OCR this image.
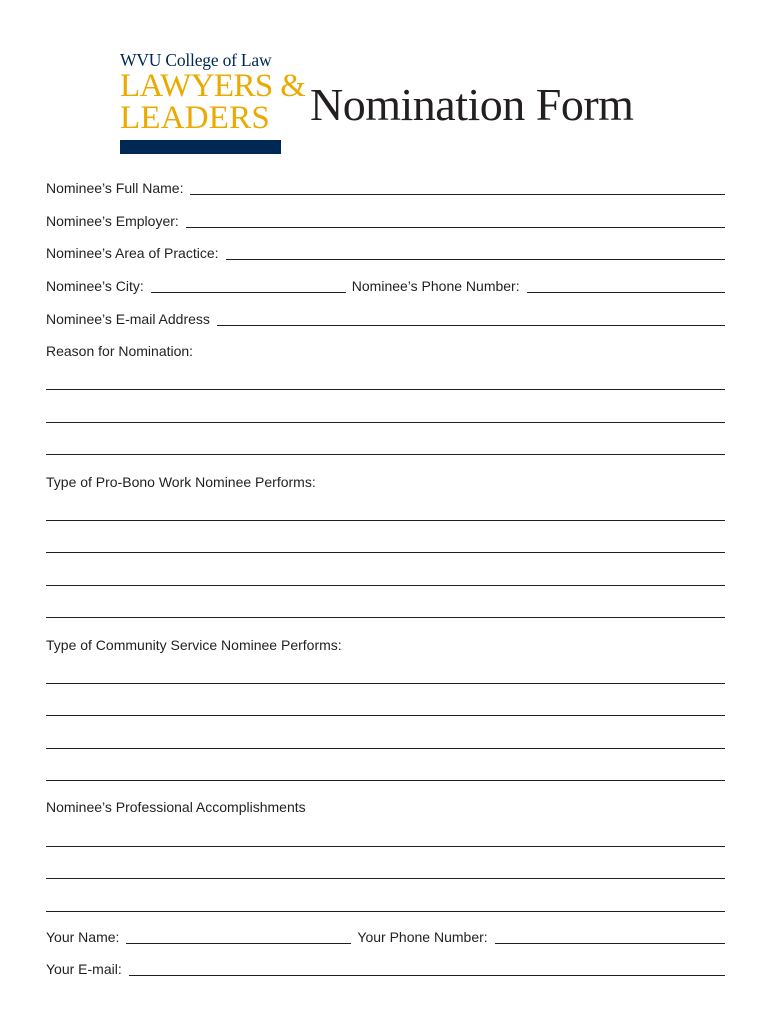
WVU College of Law
LAWYERS &
LEADERS Nomination Form
Nominee’s Full Name:
Nominee’s Employer:
Nominee’s Area of Practice:
Nominee’s City:	Nominee’s Phone Number:
Nominee’s E-mail Address
Reason for Nomination:
Type of Pro-Bono Work Nominee Performs:
Type of Community Service Nominee Performs:
Nominee’s Professional Accomplishments
Your Name:	Your Phone Number:
Your E-mail:
